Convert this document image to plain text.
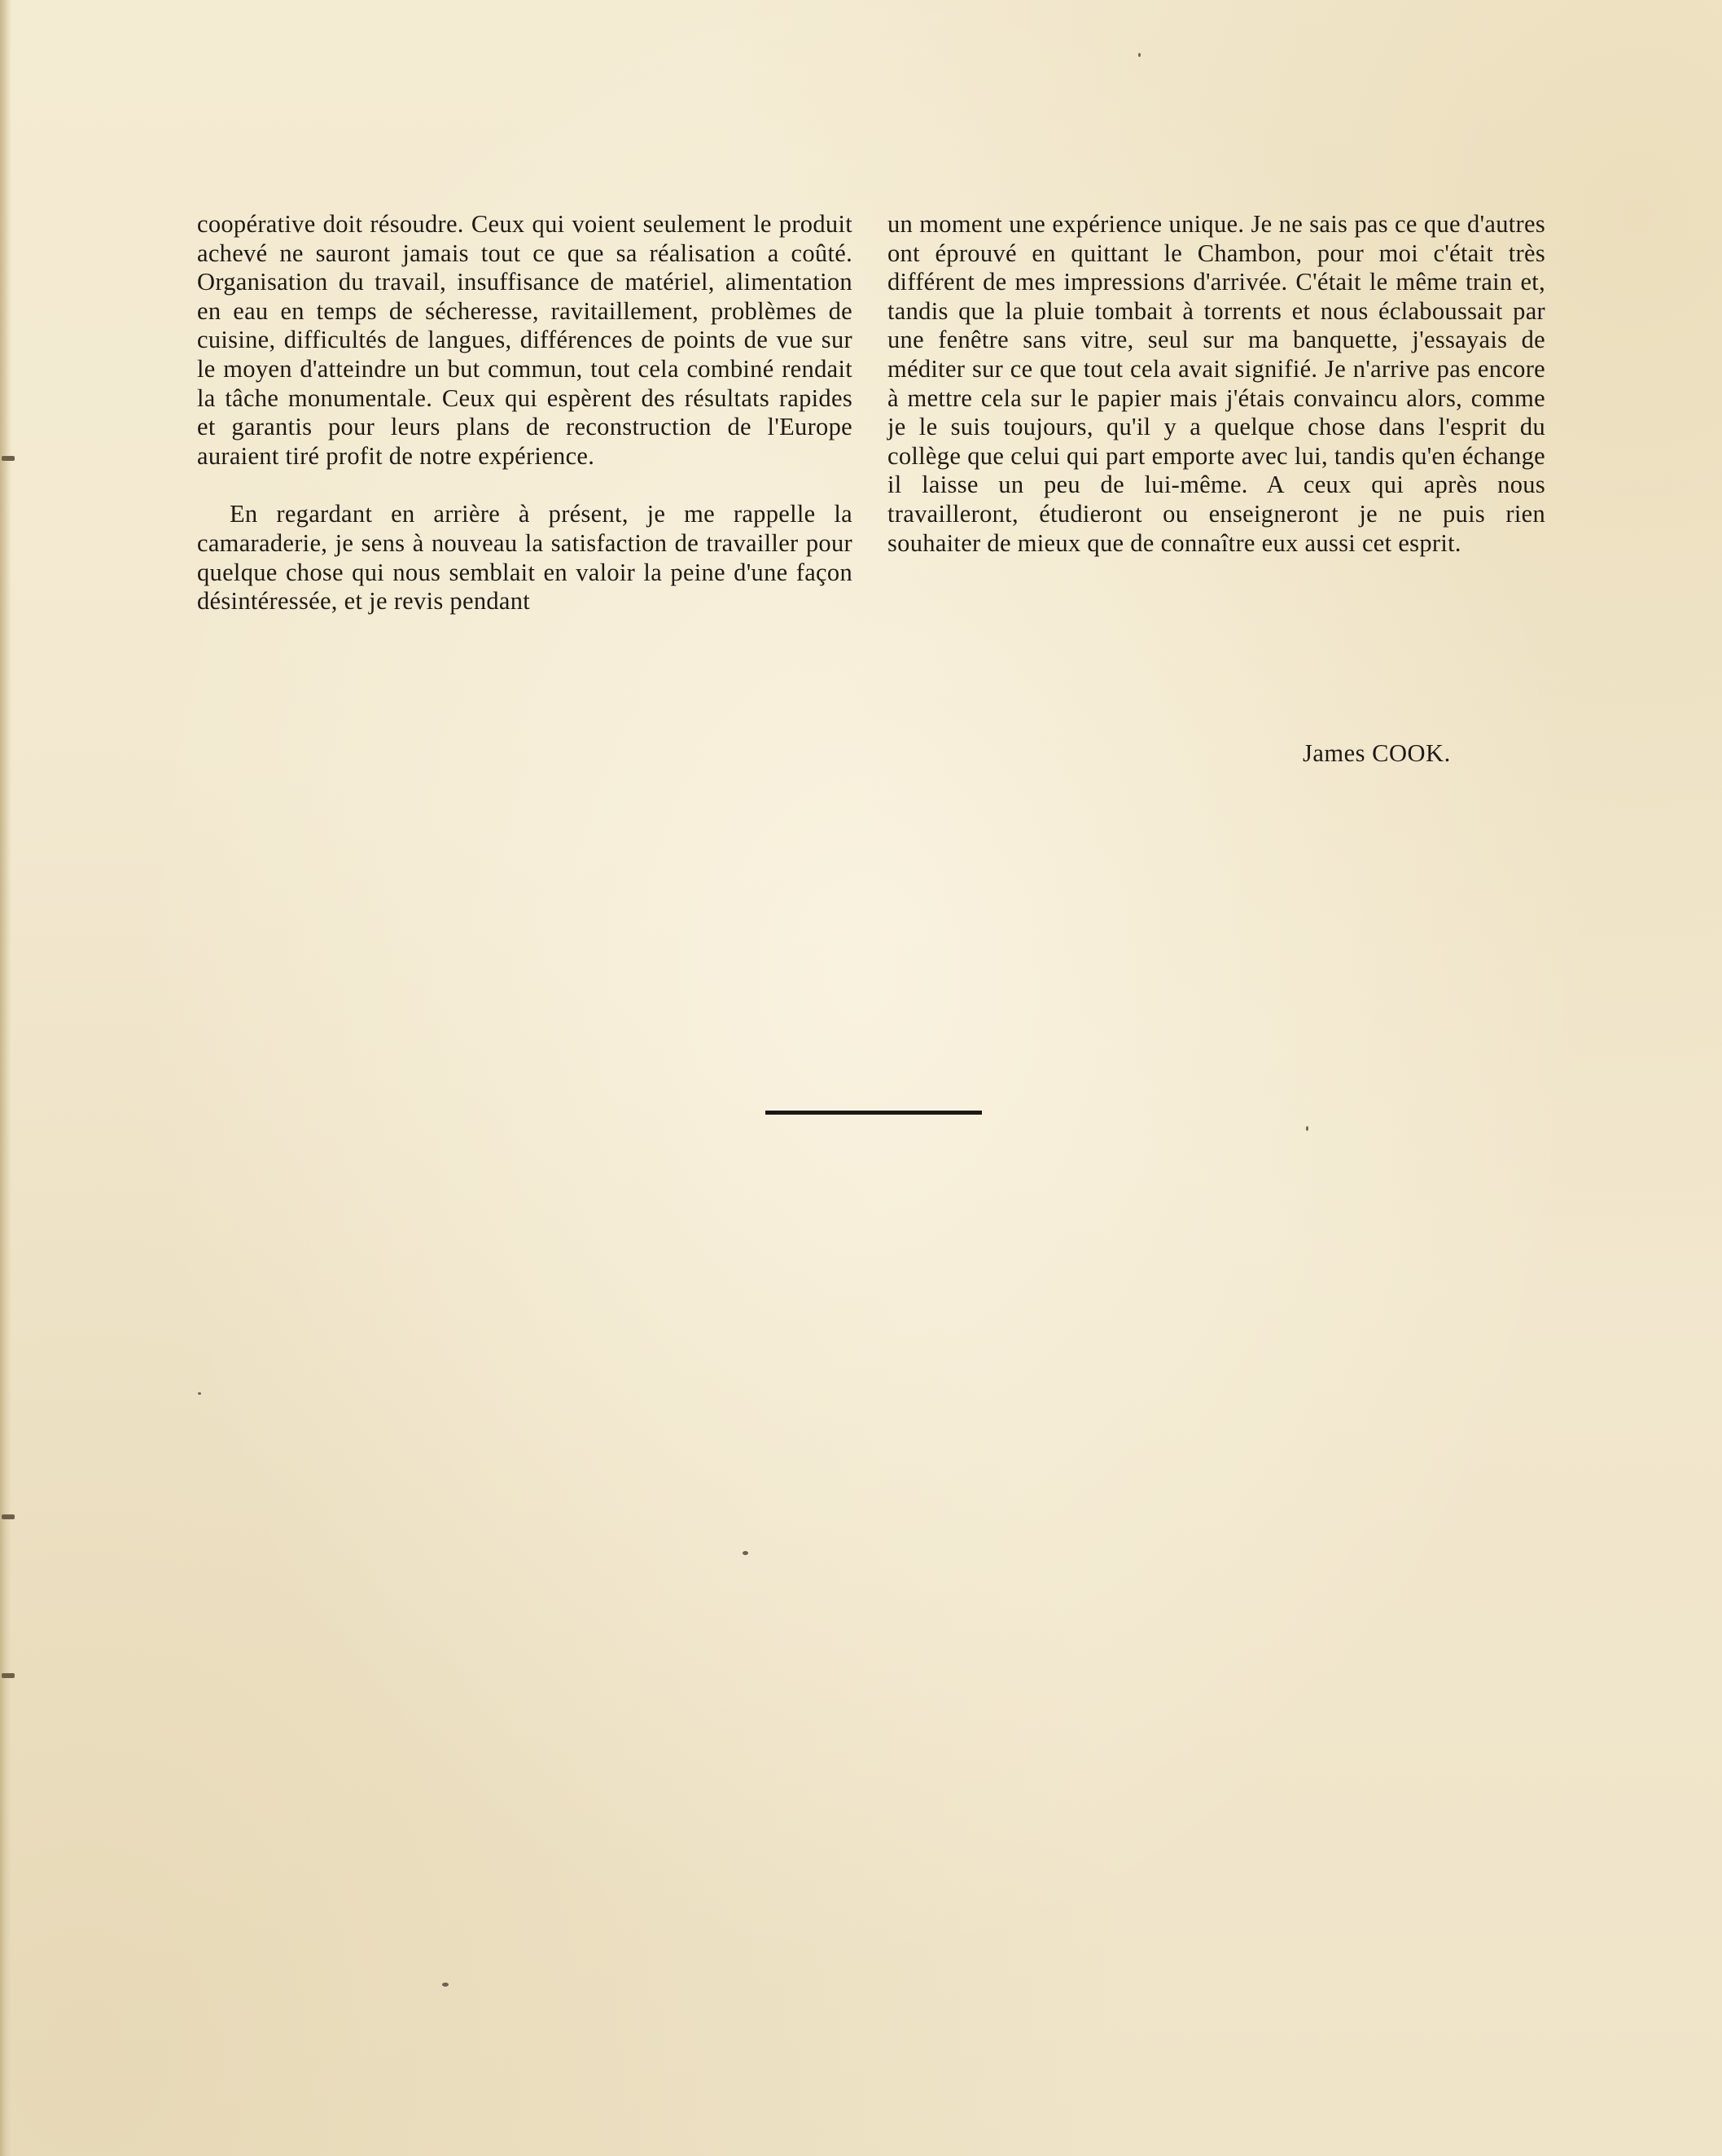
coopérative doit résoudre. Ceux qui voient seulement le produit achevé ne sauront jamais tout ce que sa réalisation a coûté. Organisation du travail, insuffisance de matériel, alimentation en eau en temps de sécheresse, ravitaillement, problèmes de cuisine, difficultés de langues, différences de points de vue sur le moyen d'atteindre un but commun, tout cela combiné rendait la tâche monumentale. Ceux qui espèrent des résultats rapides et garantis pour leurs plans de reconstruction de l'Europe auraient tiré profit de notre expérience.

En regardant en arrière à présent, je me rappelle la camaraderie, je sens à nouveau la satisfaction de travailler pour quelque chose qui nous semblait en valoir la peine d'une façon désintéressée, et je revis pendant

un moment une expérience unique. Je ne sais pas ce que d'autres ont éprouvé en quittant le Chambon, pour moi c'était très différent de mes impressions d'arrivée. C'était le même train et, tandis que la pluie tombait à torrents et nous éclaboussait par une fenêtre sans vitre, seul sur ma banquette, j'essayais de méditer sur ce que tout cela avait signifié. Je n'arrive pas encore à mettre cela sur le papier mais j'étais convaincu alors, comme je le suis toujours, qu'il y a quelque chose dans l'esprit du collège que celui qui part emporte avec lui, tandis qu'en échange il laisse un peu de lui-même. A ceux qui après nous travailleront, étudieront ou enseigneront je ne puis rien souhaiter de mieux que de connaître eux aussi cet esprit.

James COOK.
